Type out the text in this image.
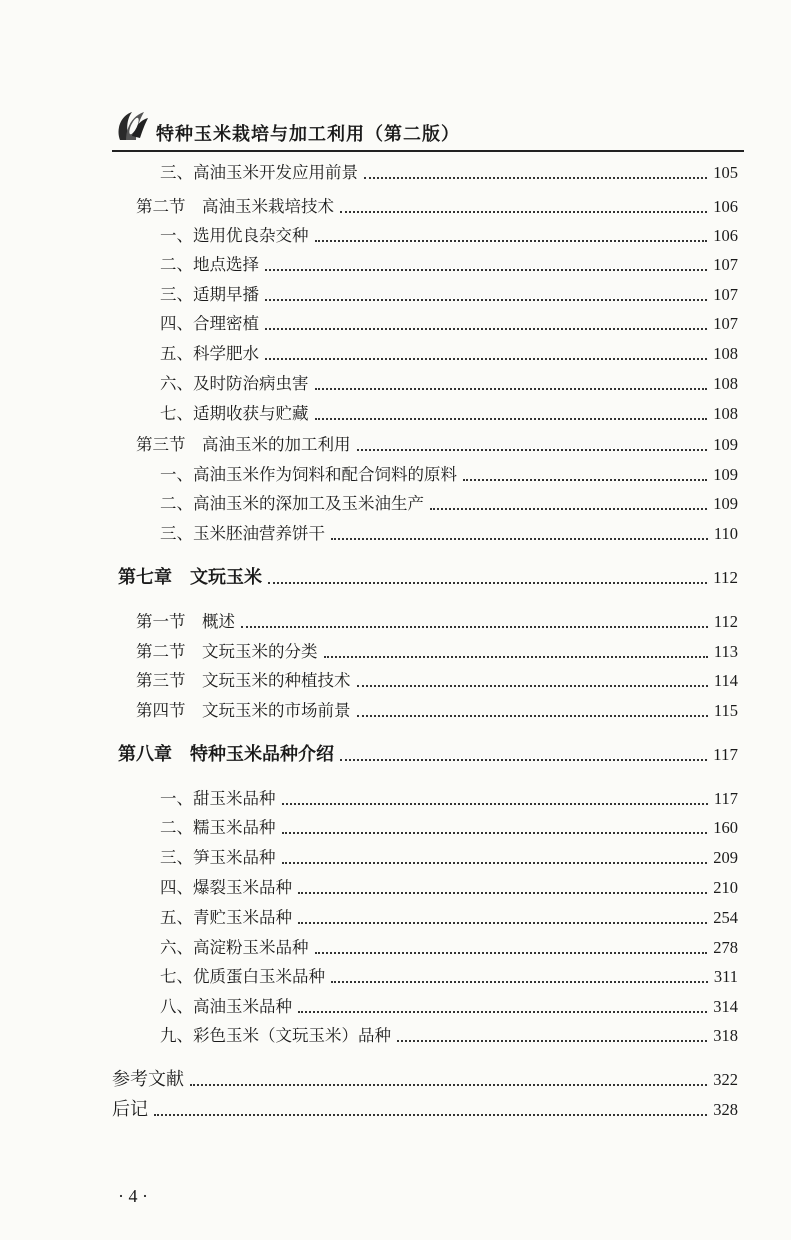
特种玉米栽培与加工利用（第二版）
三、高油玉米开发应用前景	105
第二节　高油玉米栽培技术	106
一、选用优良杂交种	106
二、地点选择	107
三、适期早播	107
四、合理密植	107
五、科学肥水	108
六、及时防治病虫害	108
七、适期收获与贮藏	108
第三节　高油玉米的加工利用	109
一、高油玉米作为饲料和配合饲料的原料	109
二、高油玉米的深加工及玉米油生产	109
三、玉米胚油营养饼干	110
第七章　文玩玉米	112
第一节　概述	112
第二节　文玩玉米的分类	113
第三节　文玩玉米的种植技术	114
第四节　文玩玉米的市场前景	115
第八章　特种玉米品种介绍	117
一、甜玉米品种	117
二、糯玉米品种	160
三、笋玉米品种	209
四、爆裂玉米品种	210
五、青贮玉米品种	254
六、高淀粉玉米品种	278
七、优质蛋白玉米品种	311
八、高油玉米品种	314
九、彩色玉米（文玩玉米）品种	318
参考文献	322
后记	328
· 4 ·
